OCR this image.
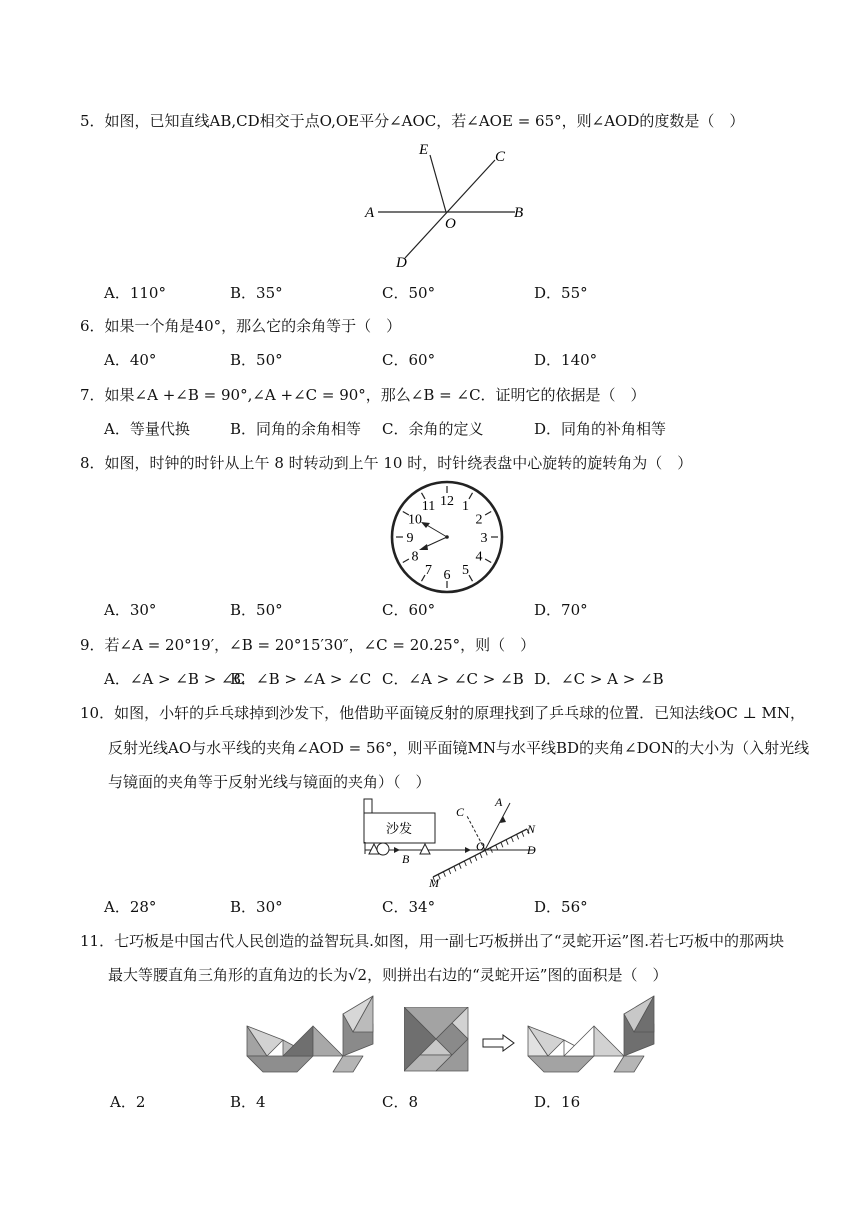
5．如图，已知直线AB,CD相交于点O,OE平分∠AOC，若∠AOE = 65°，则∠AOD的度数是（　）
E	C
A	B
O
D
A．110°	B．35°	C．50°	D．55°
6．如果一个角是40°，那么它的余角等于（　）
A．40°	B．50°	C．60°	D．140°
7．如果∠A +∠B = 90°,∠A +∠C = 90°，那么∠B = ∠C．证明它的依据是（　）
A．等量代换	B．同角的余角相等 C．余角的定义	D．同角的补角相等
8．如图，时钟的时针从上午 8 时转动到上午 10 时，时针绕表盘中心旋转的旋转角为（　）
12 1
2
3
4
5
6
7
8
9
10
11
A．30°	B．50°	C．60°	D．70°
9．若∠A = 20°19′，∠B = 20°15′30″，∠C = 20.25°，则（　）
A．∠A > ∠B > ∠C
B．∠B > ∠A > ∠C C．∠A > ∠C > ∠B D．∠C > A > ∠B
10．如图，小轩的乒乓球掉到沙发下，他借助平面镜反射的原理找到了乒乓球的位置．已知法线OC ⊥ MN，
反射光线AO与水平线的夹角∠AOD = 56°，则平面镜MN与水平线BD的夹角∠DON的大小为（入射光线
与镜面的夹角等于反射光线与镜面的夹角）（　）
沙发
C
A
N
O	D
B
M
A．28°	B．30°	C．34°	D．56°
11．七巧板是中国古代人民创造的益智玩具.如图，用一副七巧板拼出了“灵蛇开运”图.若七巧板中的那两块
最大等腰直角三角形的直角边的长为√2，则拼出右边的“灵蛇开运”图的面积是（　）
A．2	B．4	C．8	D．16
